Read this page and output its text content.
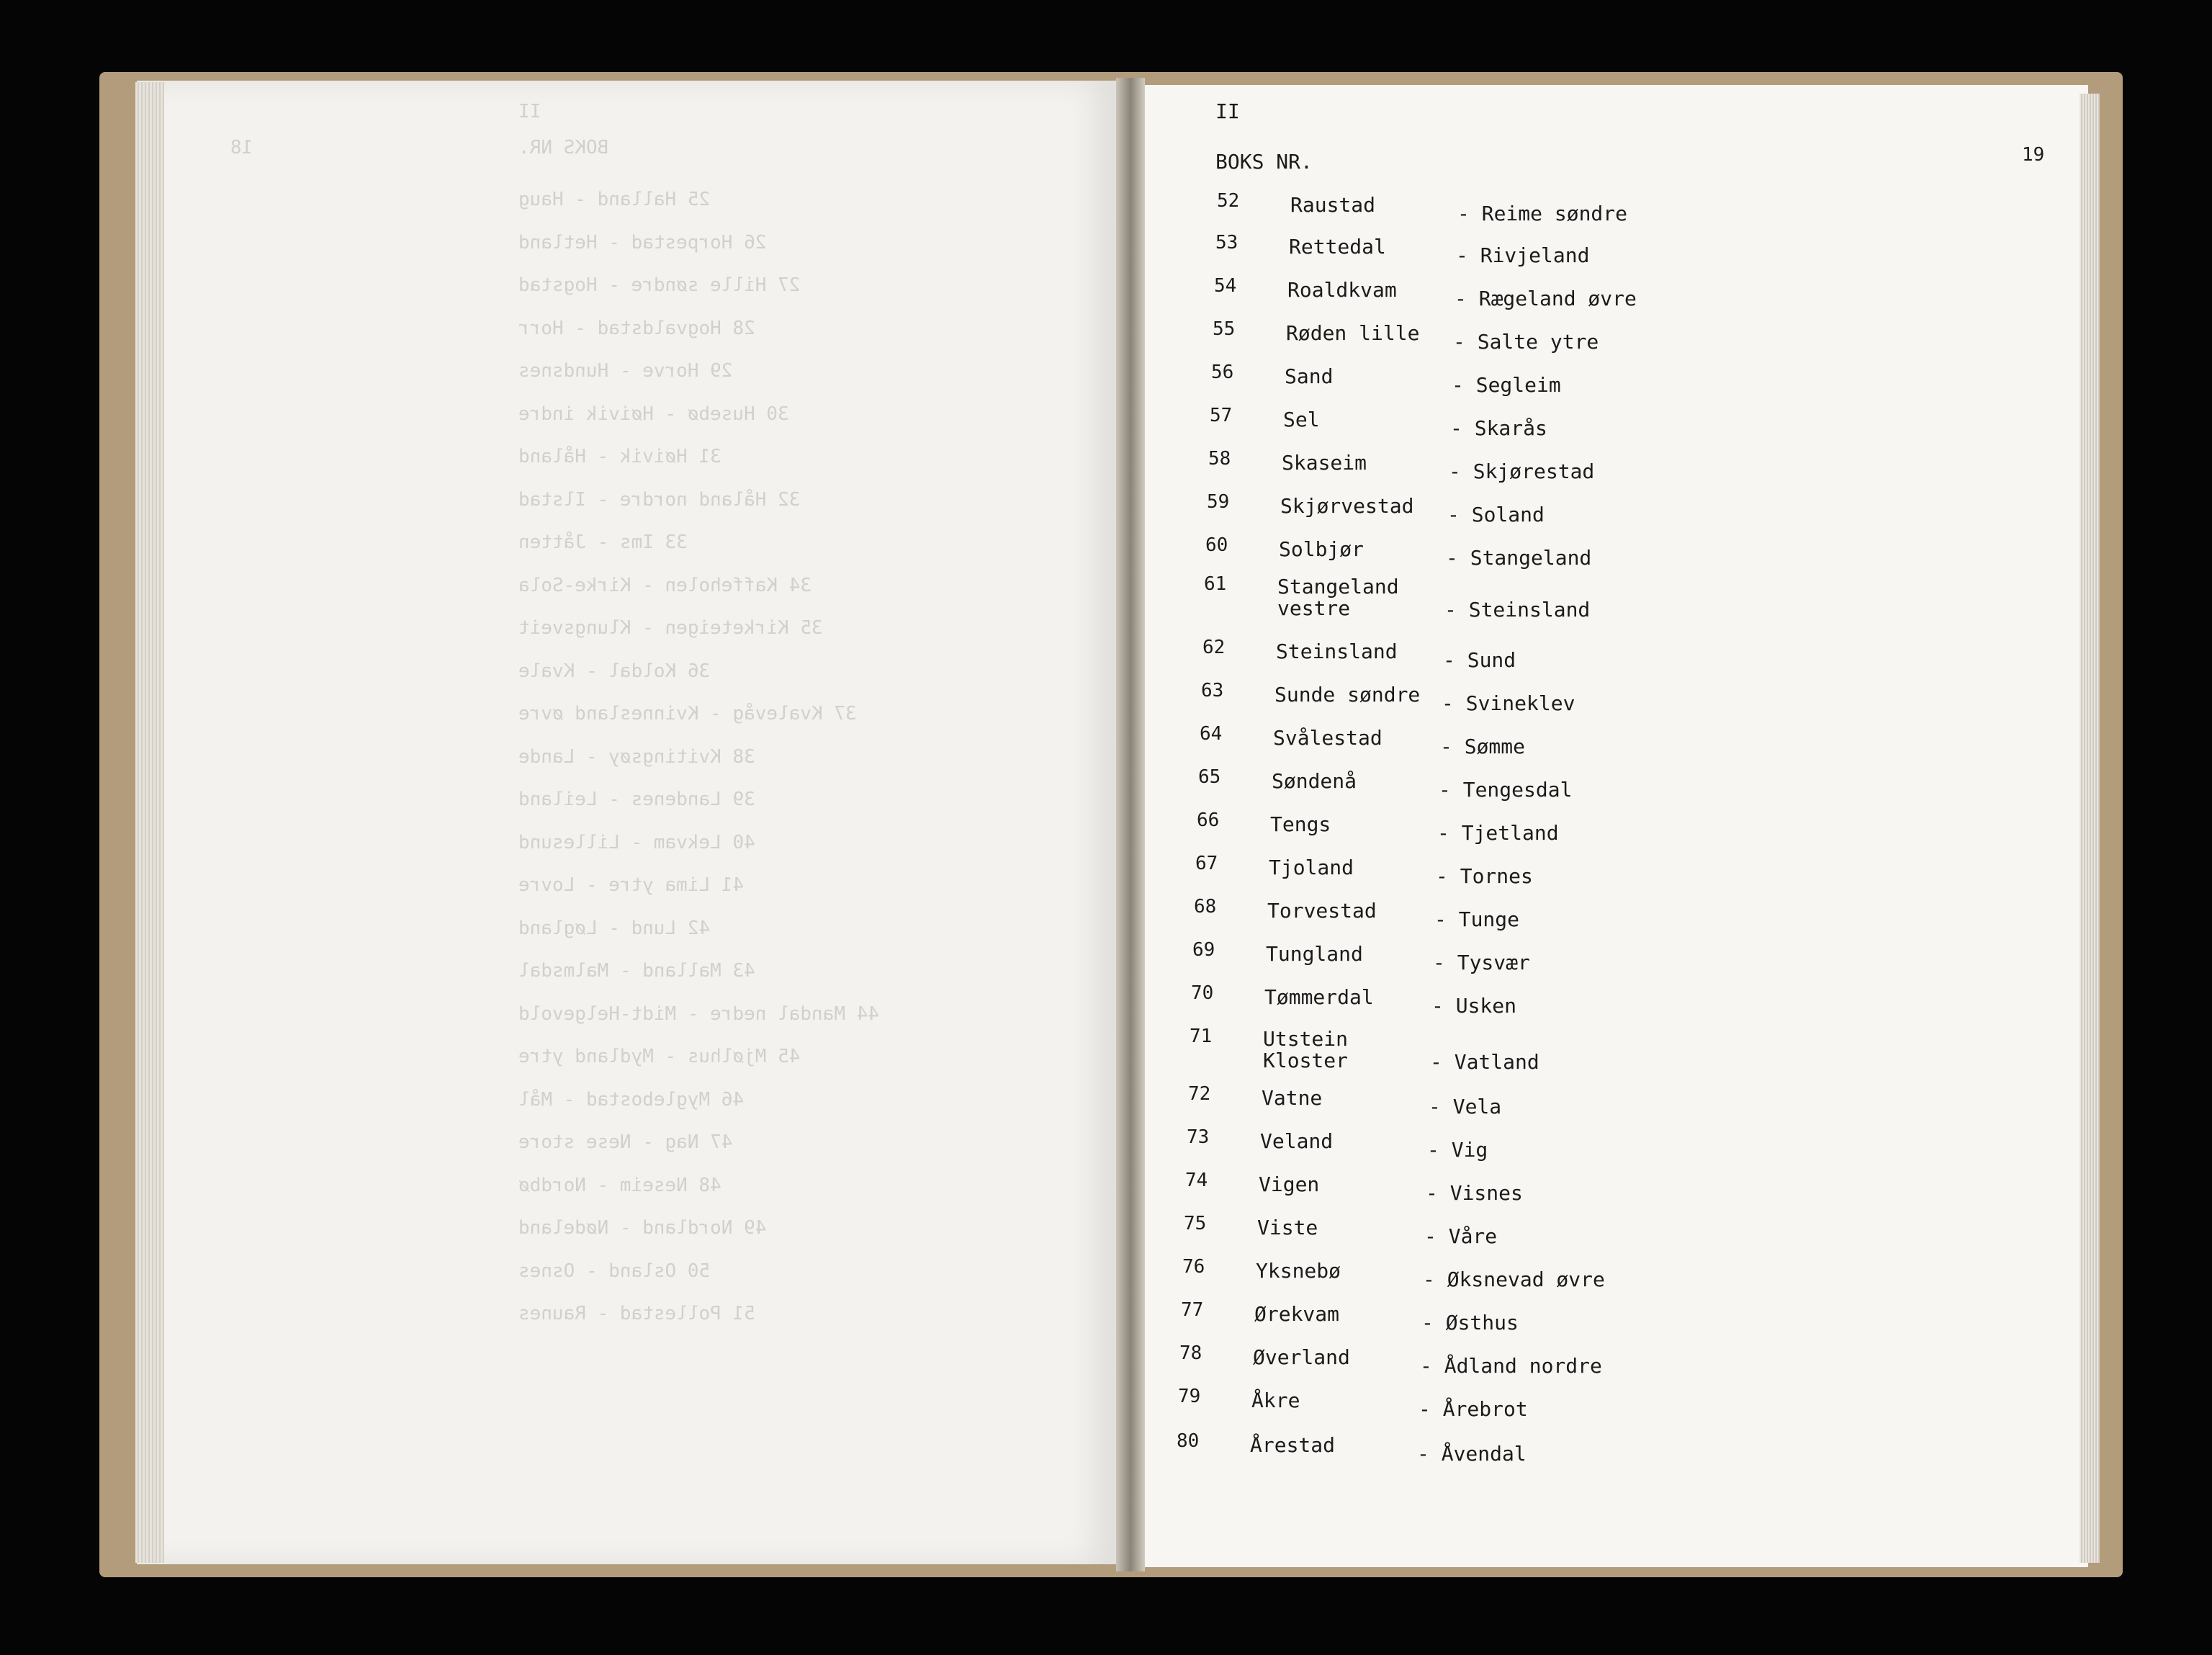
II
BOKS NR.
18
25 Halland - Haug
26 Horpestad - Hetland
27 Hille søndre - Hogstad
28 Hogvaldstad - Horr
29 Horve - Hundsnes
30 Husebø - Høivik indre
31 Høivik - Håland
32 Håland nordre - Ilstad
33 Ims - Jåtten
34 Kaffeholen - Kirke-Sola
35 Kirketeigen - Klungsveit
36 Koldal - Kvale
37 Kvalevåg - Kvinnesland øvre
38 Kvitingsøy - Lande
39 Landenes - Leiland
40 Lekvam - Lillesund
41 Lima ytre - Lovre
42 Lund - Løgland
43 Malland - Malmsdal
44 Mandal nedre - Midt-Helgevold
45 Mjølhus - Mydland ytre
46 Myglebostad - Mål
47 Nag - Nese store
48 Neseim - Nordbø
49 Nordland - Nødeland
50 Osland - Osnes
51 Pollestad - Raunes
II
BOKS NR.	19
52	Raustad	- Reime søndre
53	Rettedal	- Rivjeland
54	Roaldkvam	- Rægeland øvre
55	Røden lille - Salte ytre
56	Sand	- Segleim
57	Sel	- Skarås
58	Skaseim	- Skjørestad
59	Skjørvestad - Soland
60	Solbjør	- Stangeland
61	Stangeland
vestre	- Steinsland
62	Steinsland - Sund
63	Sunde søndre - Svineklev
64	Svålestad	- Sømme
65	Søndenå	- Tengesdal
66	Tengs	- Tjetland
67	Tjoland	- Tornes
68	Torvestad	- Tunge
69	Tungland	- Tysvær
70	Tømmerdal	- Usken
71	Utstein
Kloster	- Vatland
72	Vatne	- Vela
73	Veland	- Vig
74	Vigen	- Visnes
75	Viste	- Våre
76	Yksnebø	- Øksnevad øvre
77	Ørekvam	- Østhus
78	Øverland	- Ådland nordre
79	Åkre	- Årebrot
80	Årestad	- Åvendal
